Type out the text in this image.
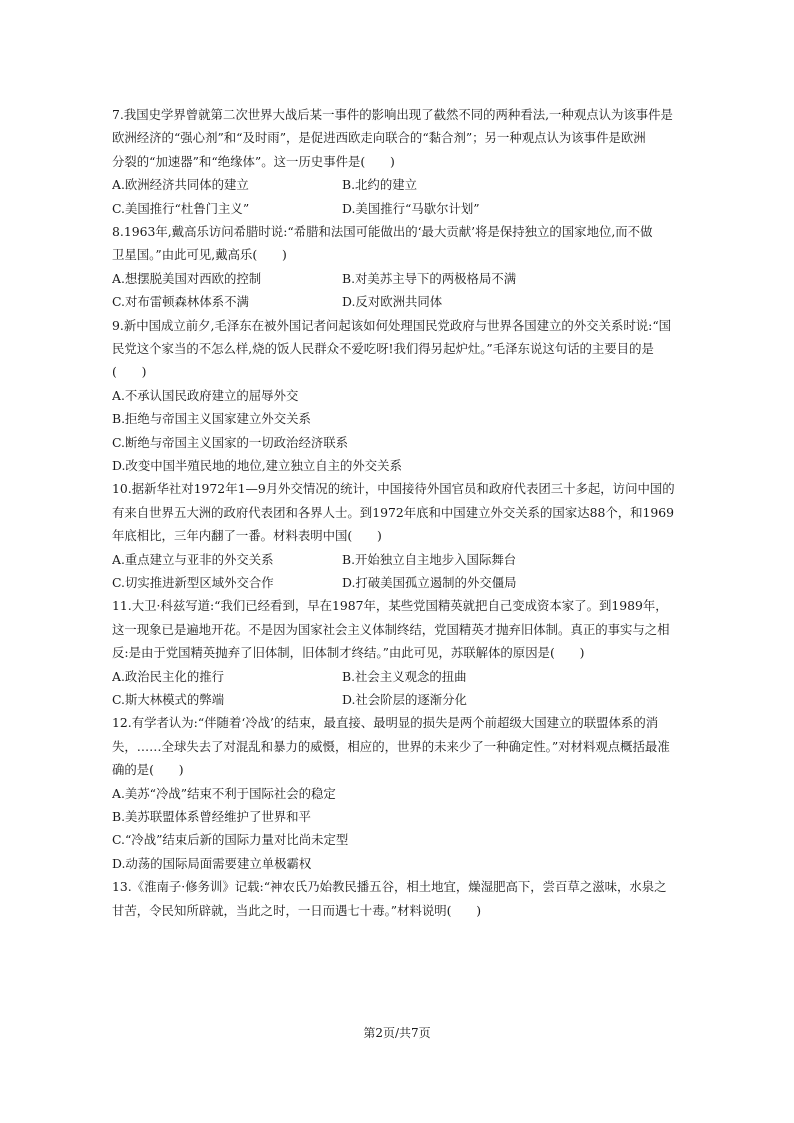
7.我国史学界曾就第二次世界大战后某一事件的影响出现了截然不同的两种看法,一种观点认为该事件是
欧洲经济的“强心剂”和“及时雨”，是促进西欧走向联合的“黏合剂”；另一种观点认为该事件是欧洲
分裂的“加速器”和“绝缘体”。这一历史事件是(　　)
A.欧洲经济共同体的建立	B.北约的建立
C.美国推行“杜鲁门主义”	D.美国推行“马歇尔计划”
8.1963年,戴高乐访问希腊时说:“希腊和法国可能做出的‘最大贡献’将是保持独立的国家地位,而不做
卫星国。”由此可见,戴高乐(　　)
A.想摆脱美国对西欧的控制	B.对美苏主导下的两极格局不满
C.对布雷顿森林体系不满	D.反对欧洲共同体
9.新中国成立前夕,毛泽东在被外国记者问起该如何处理国民党政府与世界各国建立的外交关系时说:“国
民党这个家当的不怎么样,烧的饭人民群众不爱吃呀!我们得另起炉灶。”毛泽东说这句话的主要目的是
(　　)
A.不承认国民政府建立的屈辱外交
B.拒绝与帝国主义国家建立外交关系
C.断绝与帝国主义国家的一切政治经济联系
D.改变中国半殖民地的地位,建立独立自主的外交关系
10.据新华社对1972年1—9月外交情况的统计，中国接待外国官员和政府代表团三十多起，访问中国的
有来自世界五大洲的政府代表团和各界人士。到1972年底和中国建立外交关系的国家达88个，和1969
年底相比，三年内翻了一番。材料表明中国(　　)
A.重点建立与亚非的外交关系	B.开始独立自主地步入国际舞台
C.切实推进新型区域外交合作	D.打破美国孤立遏制的外交僵局
11.大卫·科兹写道:“我们已经看到，早在1987年，某些党国精英就把自己变成资本家了。到1989年，
这一现象已是遍地开花。不是因为国家社会主义体制终结，党国精英才抛弃旧体制。真正的事实与之相
反:是由于党国精英抛弃了旧体制，旧体制才终结。”由此可见，苏联解体的原因是(　　)
A.政治民主化的推行	B.社会主义观念的扭曲
C.斯大林模式的弊端	D.社会阶层的逐渐分化
12.有学者认为:“伴随着‘冷战’的结束，最直接、最明显的损失是两个前超级大国建立的联盟体系的消
失，……全球失去了对混乱和暴力的威慑，相应的，世界的未来少了一种确定性。”对材料观点概括最准
确的是(　　)
A.美苏“冷战”结束不利于国际社会的稳定
B.美苏联盟体系曾经维护了世界和平
C.“冷战”结束后新的国际力量对比尚未定型
D.动荡的国际局面需要建立单极霸权
13.《淮南子·修务训》记载:“神农氏乃始教民播五谷，相土地宜，燥湿肥高下，尝百草之滋味，水泉之
甘苦，令民知所辟就，当此之时，一日而遇七十毒。”材料说明(　　)
第2页/共7页
